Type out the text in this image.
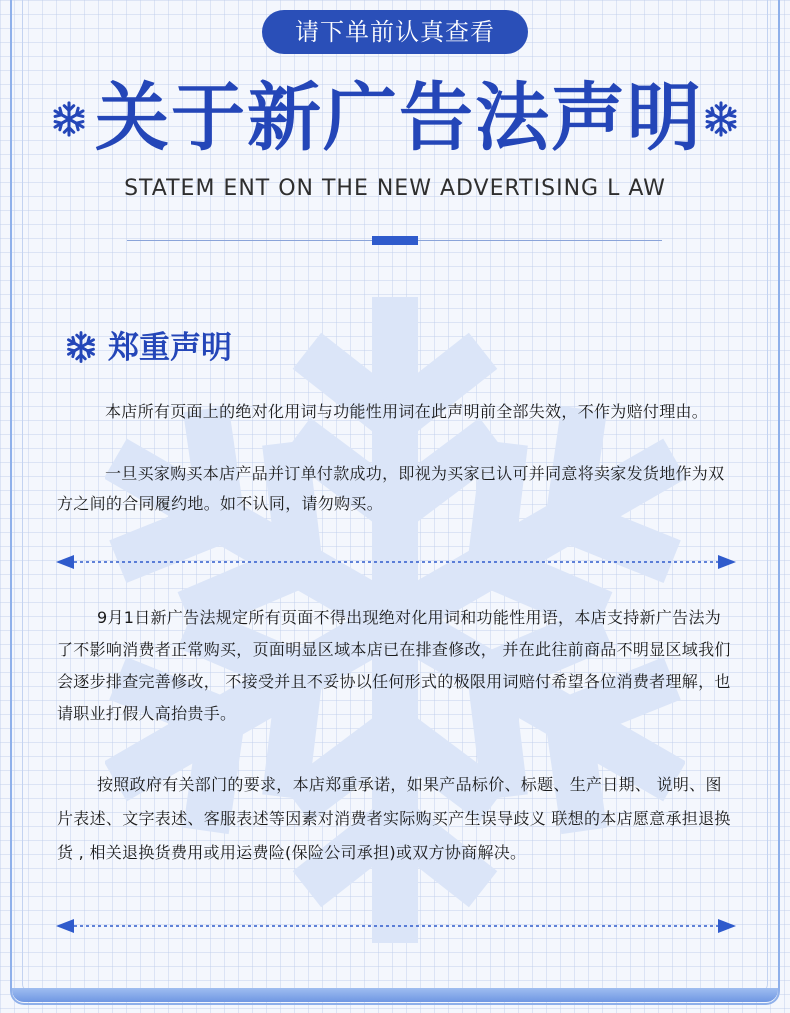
请下单前认真查看
关于新广告法声明
STATEM ENT ON THE NEW ADVERTISING L AW
郑重声明

本店所有页面上的绝对化用词与功能性用词在此声明前全部失效，不作为赔付理由。

一旦买家购买本店产品并订单付款成功，即视为买家已认可并同意将卖家发货地作为双方之间的合同履约地。如不认同，请勿购买。

9月1日新广告法规定所有页面不得出现绝对化用词和功能性用语，本店支持新广告法为了不影响消费者正常购买，页面明显区域本店已在排查修改， 并在此往前商品不明显区域我们会逐步排查完善修改， 不接受并且不妥协以任何形式的极限用词赔付希望各位消费者理解，也请职业打假人高抬贵手。

按照政府有关部门的要求，本店郑重承诺，如果产品标价、标题、生产日期、 说明、图片表述、文字表述、客服表述等因素对消费者实际购买产生误导歧义 联想的本店愿意承担退换货 , 相关退换货费用或用运费险(保险公司承担)或双方协商解决。
